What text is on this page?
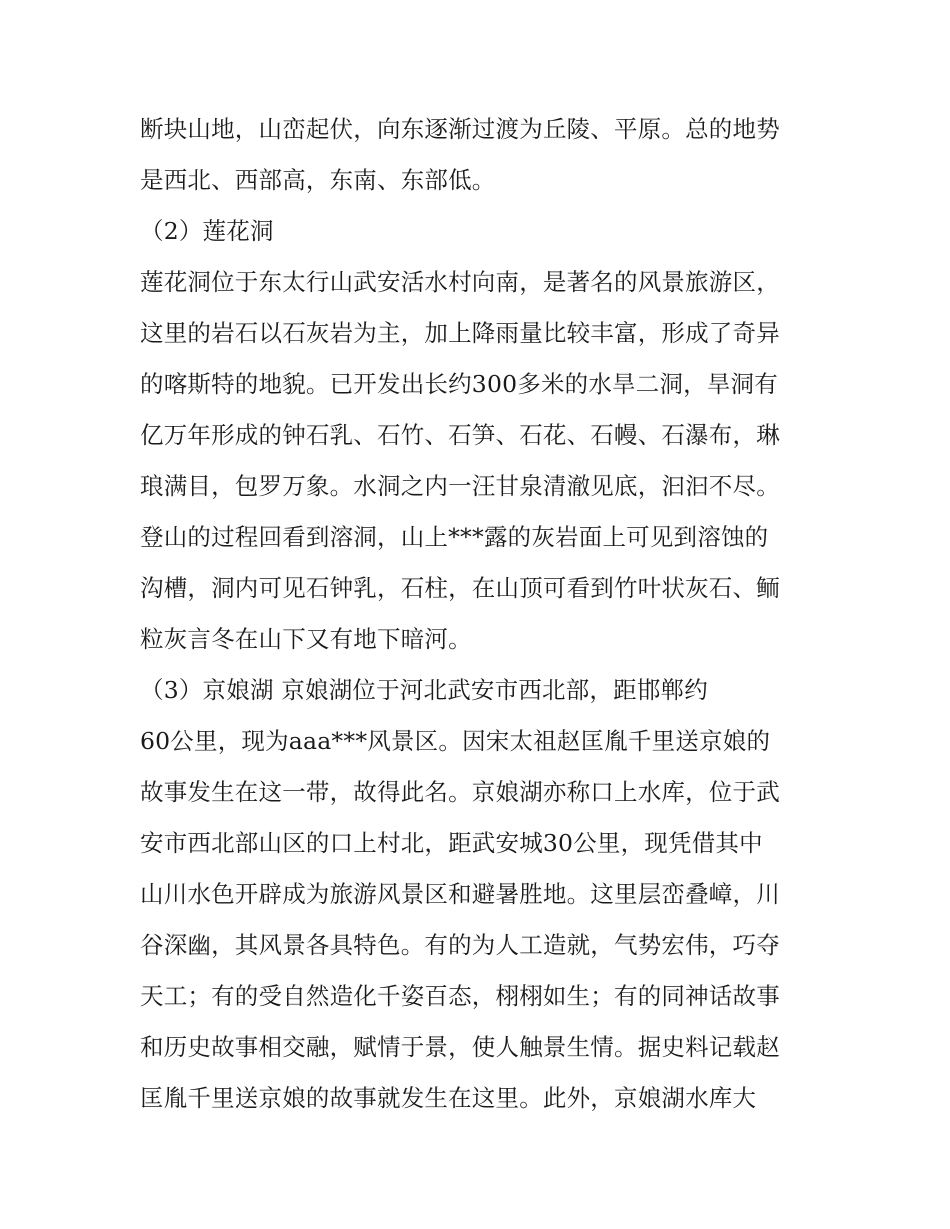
断块山地，山峦起伏，向东逐渐过渡为丘陵、平原。总的地势
是西北、西部高，东南、东部低。
（2）莲花洞
莲花洞位于东太行山武安活水村向南，是著名的风景旅游区，
这里的岩石以石灰岩为主，加上降雨量比较丰富，形成了奇异
的喀斯特的地貌。已开发出长约300多米的水旱二洞，旱洞有
亿万年形成的钟石乳、石竹、石笋、石花、石幔、石瀑布，琳
琅满目，包罗万象。水洞之内一汪甘泉清澈见底，汩汩不尽。
登山的过程回看到溶洞，山上***露的灰岩面上可见到溶蚀的
沟槽，洞内可见石钟乳，石柱，在山顶可看到竹叶状灰石、鲕
粒灰言冬在山下又有地下暗河。
（3）京娘湖 京娘湖位于河北武安市西北部，距邯郸约
60公里，现为aaa***风景区。因宋太祖赵匡胤千里送京娘的
故事发生在这一带，故得此名。京娘湖亦称口上水库，位于武
安市西北部山区的口上村北，距武安城30公里，现凭借其中
山川水色开辟成为旅游风景区和避暑胜地。这里层峦叠嶂，川
谷深幽，其风景各具特色。有的为人工造就，气势宏伟，巧夺
天工；有的受自然造化千姿百态，栩栩如生；有的同神话故事
和历史故事相交融，赋情于景，使人触景生情。据史料记载赵
匡胤千里送京娘的故事就发生在这里。此外，京娘湖水库大
